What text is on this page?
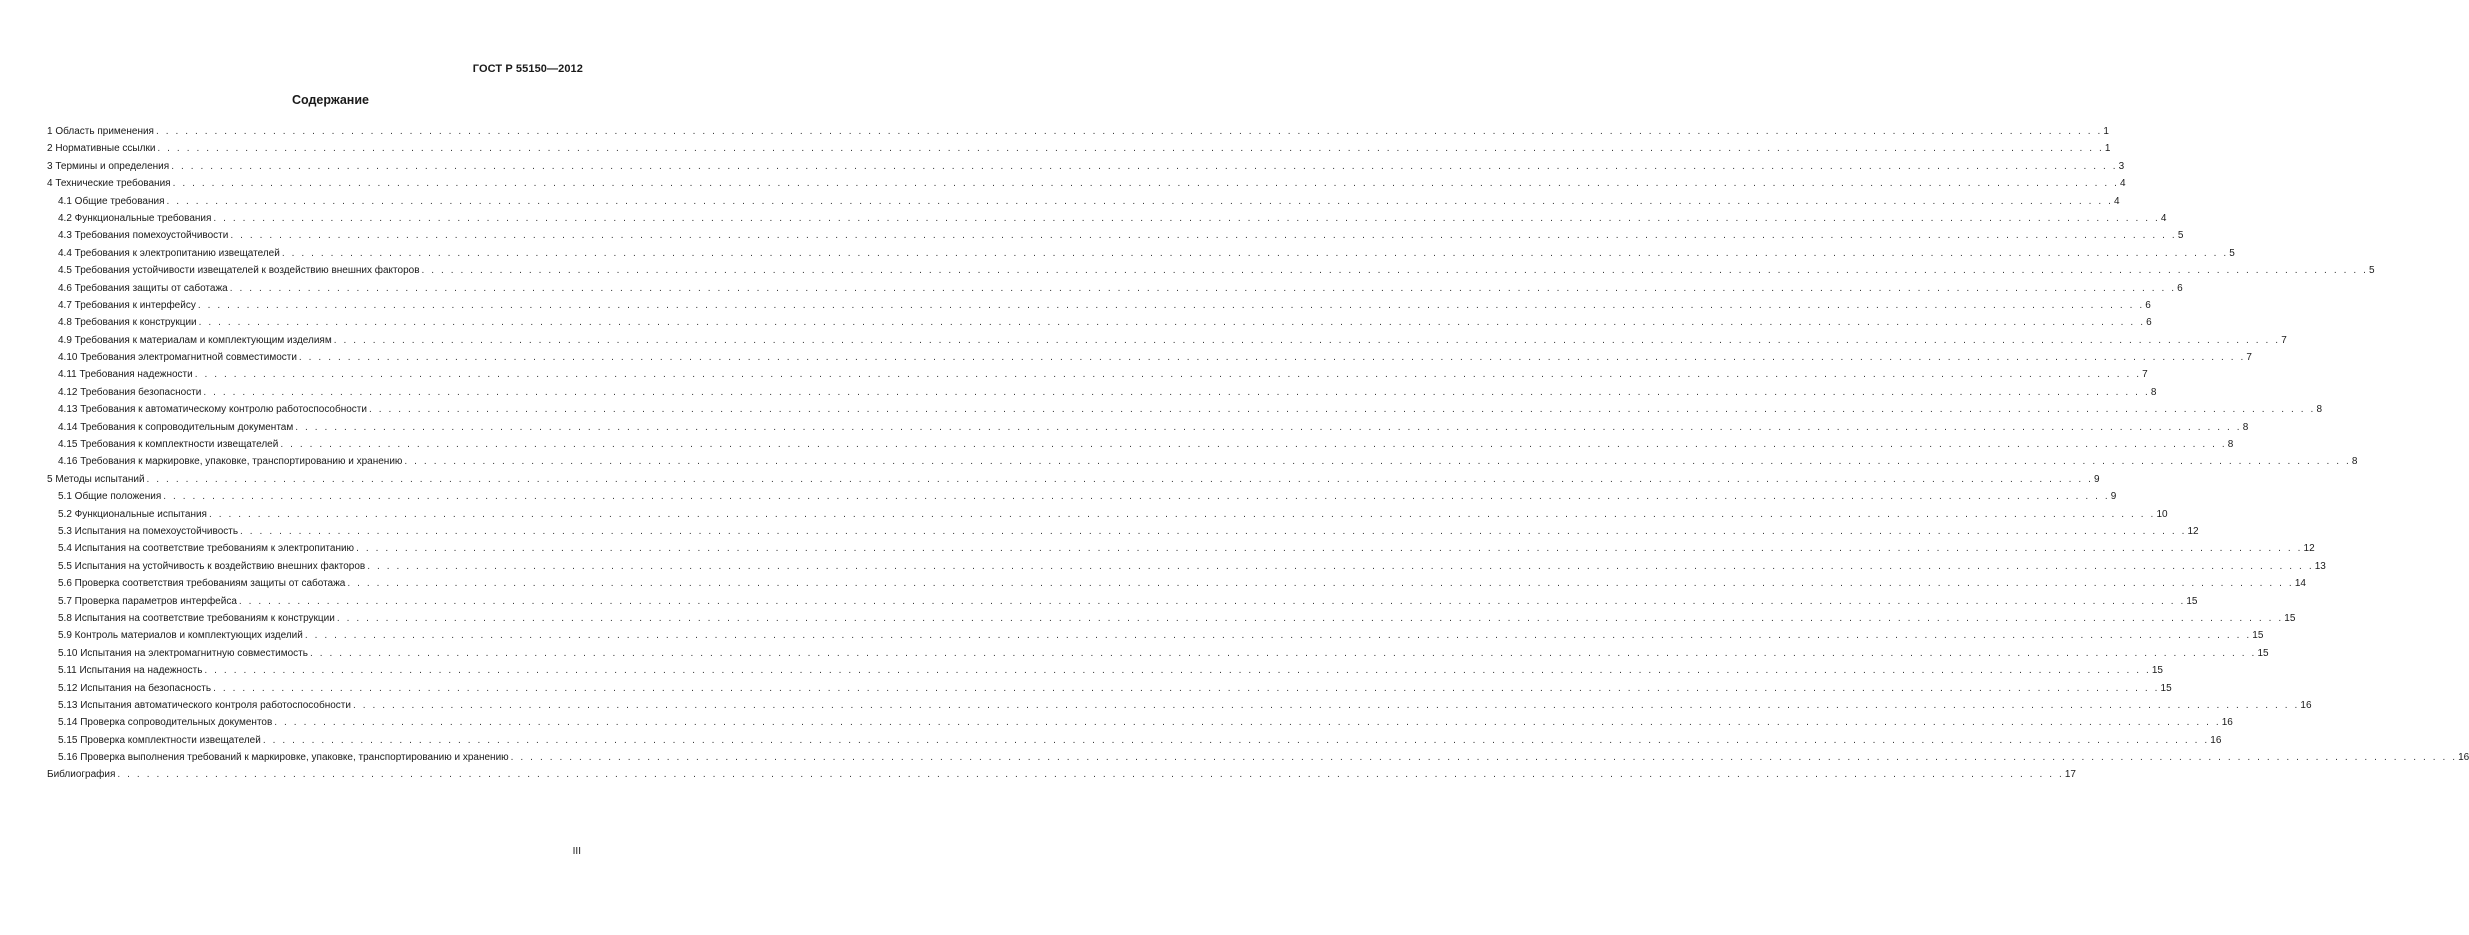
ГОСТ Р 55150—2012
Содержание
1 Область применения . . . . . . . . . . . . . . . . . . . . . . . . . . . . . . . . . . . . . . . . . . . . . . . . . . . . . . . . . . . . . . . . . . . . . . . . . . . . . . . . . . . . . . . . . . . . . . . . . . . . . . . . . . . . . . . . . . . . . . . . . . . . . . . . . . . . . . . . . . . . . . . . . . . . . . . . . . . . . . . . . . . . . . . . . . . . . . . . . . . . . . . . . . . . . . . . . . . . . . . . 1
2 Нормативные ссылки . . . . . . . . . . . . . . . . . . . . . . . . . . . . . . . . . . . . . . . . . . . . . . . . . . . . . . . . . . . . . . . . . . . . . . . . . . . . . . . . . . . . . . . . . . . . . . . . . . . . . . . . . . . . . . . . . . . . . . . . . . . . . . . . . . . . . . . . . . . . . . . . . . . . . . . . . . . . . . . . . . . . . . . . . . . . . . . . . . . . . . . . . . . . . . . . . . . . . . . . 1
3 Термины и определения . . . . . . . . . . . . . . . . . . . . . . . . . . . . . . . . . . . . . . . . . . . . . . . . . . . . . . . . . . . . . . . . . . . . . . . . . . . . . . . . . . . . . . . . . . . . . . . . . . . . . . . . . . . . . . . . . . . . . . . . . . . . . . . . . . . . . . . . . . . . . . . . . . . . . . . . . . . . . . . . . . . . . . . . . . . . . . . . . . . . . . . . . . . . . . . . . . . . . . . . 3
4 Технические требования . . . . . . . . . . . . . . . . . . . . . . . . . . . . . . . . . . . . . . . . . . . . . . . . . . . . . . . . . . . . . . . . . . . . . . . . . . . . . . . . . . . . . . . . . . . . . . . . . . . . . . . . . . . . . . . . . . . . . . . . . . . . . . . . . . . . . . . . . . . . . . . . . . . . . . . . . . . . . . . . . . . . . . . . . . . . . . . . . . . . . . . . . . . . . . . . . . . . . . . . 4
4.1 Общие требования . . . . . . . . . . . . . . . . . . . . . . . . . . . . . . . . . . . . . . . . . . . . . . . . . . . . . . . . . . . . . . . . . . . . . . . . . . . . . . . . . . . . . . . . . . . . . . . . . . . . . . . . . . . . . . . . . . . . . . . . . . . . . . . . . . . . . . . . . . . . . . . . . . . . . . . . . . . . . . . . . . . . . . . . . . . . . . . . . . . . . . . . . . . . . . . . . . . . . . . . 4
4.2 Функциональные требования . . . . . . . . . . . . . . . . . . . . . . . . . . . . . . . . . . . . . . . . . . . . . . . . . . . . . . . . . . . . . . . . . . . . . . . . . . . . . . . . . . . . . . . . . . . . . . . . . . . . . . . . . . . . . . . . . . . . . . . . . . . . . . . . . . . . . . . . . . . . . . . . . . . . . . . . . . . . . . . . . . . . . . . . . . . . . . . . . . . . . . . . . . . . . . . . . . . . . . . . 4
4.3 Требования помехоустойчивости . . . . . . . . . . . . . . . . . . . . . . . . . . . . . . . . . . . . . . . . . . . . . . . . . . . . . . . . . . . . . . . . . . . . . . . . . . . . . . . . . . . . . . . . . . . . . . . . . . . . . . . . . . . . . . . . . . . . . . . . . . . . . . . . . . . . . . . . . . . . . . . . . . . . . . . . . . . . . . . . . . . . . . . . . . . . . . . . . . . . . . . . . . . . . . . . . . . . . . . . 5
4.4 Требования к электропитанию извещателей . . . . . . . . . . . . . . . . . . . . . . . . . . . . . . . . . . . . . . . . . . . . . . . . . . . . . . . . . . . . . . . . . . . . . . . . . . . . . . . . . . . . . . . . . . . . . . . . . . . . . . . . . . . . . . . . . . . . . . . . . . . . . . . . . . . . . . . . . . . . . . . . . . . . . . . . . . . . . . . . . . . . . . . . . . . . . . . . . . . . . . . . . . . . . . . . . . . . . . . . 5
4.5 Требования устойчивости извещателей к воздействию внешних факторов . . . . . . . . . . . . . . . . . . . . . . . . . . . . . . . . . . . . . . . . . . . . . . . . . . . . . . . . . . . . . . . . . . . . . . . . . . . . . . . . . . . . . . . . . . . . . . . . . . . . . . . . . . . . . . . . . . . . . . . . . . . . . . . . . . . . . . . . . . . . . . . . . . . . . . . . . . . . . . . . . . . . . . . . . . . . . . . . . . . . . . . . . . . . . . . . . . . . . . . . 5
4.6 Требования защиты от саботажа . . . . . . . . . . . . . . . . . . . . . . . . . . . . . . . . . . . . . . . . . . . . . . . . . . . . . . . . . . . . . . . . . . . . . . . . . . . . . . . . . . . . . . . . . . . . . . . . . . . . . . . . . . . . . . . . . . . . . . . . . . . . . . . . . . . . . . . . . . . . . . . . . . . . . . . . . . . . . . . . . . . . . . . . . . . . . . . . . . . . . . . . . . . . . . . . . . . . . . . . 6
4.7 Требования к интерфейсу . . . . . . . . . . . . . . . . . . . . . . . . . . . . . . . . . . . . . . . . . . . . . . . . . . . . . . . . . . . . . . . . . . . . . . . . . . . . . . . . . . . . . . . . . . . . . . . . . . . . . . . . . . . . . . . . . . . . . . . . . . . . . . . . . . . . . . . . . . . . . . . . . . . . . . . . . . . . . . . . . . . . . . . . . . . . . . . . . . . . . . . . . . . . . . . . . . . . . . . . 6
4.8 Требования к конструкции . . . . . . . . . . . . . . . . . . . . . . . . . . . . . . . . . . . . . . . . . . . . . . . . . . . . . . . . . . . . . . . . . . . . . . . . . . . . . . . . . . . . . . . . . . . . . . . . . . . . . . . . . . . . . . . . . . . . . . . . . . . . . . . . . . . . . . . . . . . . . . . . . . . . . . . . . . . . . . . . . . . . . . . . . . . . . . . . . . . . . . . . . . . . . . . . . . . . . . . . 6
4.9 Требования к материалам и комплектующим изделиям . . . . . . . . . . . . . . . . . . . . . . . . . . . . . . . . . . . . . . . . . . . . . . . . . . . . . . . . . . . . . . . . . . . . . . . . . . . . . . . . . . . . . . . . . . . . . . . . . . . . . . . . . . . . . . . . . . . . . . . . . . . . . . . . . . . . . . . . . . . . . . . . . . . . . . . . . . . . . . . . . . . . . . . . . . . . . . . . . . . . . . . . . . . . . . . . . . . . . . . . 7
4.10 Требования электромагнитной совместимости . . . . . . . . . . . . . . . . . . . . . . . . . . . . . . . . . . . . . . . . . . . . . . . . . . . . . . . . . . . . . . . . . . . . . . . . . . . . . . . . . . . . . . . . . . . . . . . . . . . . . . . . . . . . . . . . . . . . . . . . . . . . . . . . . . . . . . . . . . . . . . . . . . . . . . . . . . . . . . . . . . . . . . . . . . . . . . . . . . . . . . . . . . . . . . . . . . . . . . . . 7
4.11 Требования надежности . . . . . . . . . . . . . . . . . . . . . . . . . . . . . . . . . . . . . . . . . . . . . . . . . . . . . . . . . . . . . . . . . . . . . . . . . . . . . . . . . . . . . . . . . . . . . . . . . . . . . . . . . . . . . . . . . . . . . . . . . . . . . . . . . . . . . . . . . . . . . . . . . . . . . . . . . . . . . . . . . . . . . . . . . . . . . . . . . . . . . . . . . . . . . . . . . . . . . . . . 7
4.12 Требования безопасности . . . . . . . . . . . . . . . . . . . . . . . . . . . . . . . . . . . . . . . . . . . . . . . . . . . . . . . . . . . . . . . . . . . . . . . . . . . . . . . . . . . . . . . . . . . . . . . . . . . . . . . . . . . . . . . . . . . . . . . . . . . . . . . . . . . . . . . . . . . . . . . . . . . . . . . . . . . . . . . . . . . . . . . . . . . . . . . . . . . . . . . . . . . . . . . . . . . . . . . . 8
4.13 Требования к автоматическому контролю работоспособности . . . . . . . . . . . . . . . . . . . . . . . . . . . . . . . . . . . . . . . . . . . . . . . . . . . . . . . . . . . . . . . . . . . . . . . . . . . . . . . . . . . . . . . . . . . . . . . . . . . . . . . . . . . . . . . . . . . . . . . . . . . . . . . . . . . . . . . . . . . . . . . . . . . . . . . . . . . . . . . . . . . . . . . . . . . . . . . . . . . . . . . . . . . . . . . . . . . . . . . . 8
4.14 Требования к сопроводительным документам . . . . . . . . . . . . . . . . . . . . . . . . . . . . . . . . . . . . . . . . . . . . . . . . . . . . . . . . . . . . . . . . . . . . . . . . . . . . . . . . . . . . . . . . . . . . . . . . . . . . . . . . . . . . . . . . . . . . . . . . . . . . . . . . . . . . . . . . . . . . . . . . . . . . . . . . . . . . . . . . . . . . . . . . . . . . . . . . . . . . . . . . . . . . . . . . . . . . . . . . 8
4.15 Требования к комплектности извещателей . . . . . . . . . . . . . . . . . . . . . . . . . . . . . . . . . . . . . . . . . . . . . . . . . . . . . . . . . . . . . . . . . . . . . . . . . . . . . . . . . . . . . . . . . . . . . . . . . . . . . . . . . . . . . . . . . . . . . . . . . . . . . . . . . . . . . . . . . . . . . . . . . . . . . . . . . . . . . . . . . . . . . . . . . . . . . . . . . . . . . . . . . . . . . . . . . . . . . . . . 8
4.16 Требования к маркировке, упаковке, транспортированию и хранению . . . . . . . . . . . . . . . . . . . . . . . . . . . . . . . . . . . . . . . . . . . . . . . . . . . . . . . . . . . . . . . . . . . . . . . . . . . . . . . . . . . . . . . . . . . . . . . . . . . . . . . . . . . . . . . . . . . . . . . . . . . . . . . . . . . . . . . . . . . . . . . . . . . . . . . . . . . . . . . . . . . . . . . . . . . . . . . . . . . . . . . . . . . . . . . . . . . . . . . . 8
5 Методы испытаний . . . . . . . . . . . . . . . . . . . . . . . . . . . . . . . . . . . . . . . . . . . . . . . . . . . . . . . . . . . . . . . . . . . . . . . . . . . . . . . . . . . . . . . . . . . . . . . . . . . . . . . . . . . . . . . . . . . . . . . . . . . . . . . . . . . . . . . . . . . . . . . . . . . . . . . . . . . . . . . . . . . . . . . . . . . . . . . . . . . . . . . . . . . . . . . . . . . . . . . . 9
5.1 Общие положения . . . . . . . . . . . . . . . . . . . . . . . . . . . . . . . . . . . . . . . . . . . . . . . . . . . . . . . . . . . . . . . . . . . . . . . . . . . . . . . . . . . . . . . . . . . . . . . . . . . . . . . . . . . . . . . . . . . . . . . . . . . . . . . . . . . . . . . . . . . . . . . . . . . . . . . . . . . . . . . . . . . . . . . . . . . . . . . . . . . . . . . . . . . . . . . . . . . . . . . . 9
5.2 Функциональные испытания . . . . . . . . . . . . . . . . . . . . . . . . . . . . . . . . . . . . . . . . . . . . . . . . . . . . . . . . . . . . . . . . . . . . . . . . . . . . . . . . . . . . . . . . . . . . . . . . . . . . . . . . . . . . . . . . . . . . . . . . . . . . . . . . . . . . . . . . . . . . . . . . . . . . . . . . . . . . . . . . . . . . . . . . . . . . . . . . . . . . . . . . . . . . . . . . . . . . . . . . 10
5.3 Испытания на помехоустойчивость . . . . . . . . . . . . . . . . . . . . . . . . . . . . . . . . . . . . . . . . . . . . . . . . . . . . . . . . . . . . . . . . . . . . . . . . . . . . . . . . . . . . . . . . . . . . . . . . . . . . . . . . . . . . . . . . . . . . . . . . . . . . . . . . . . . . . . . . . . . . . . . . . . . . . . . . . . . . . . . . . . . . . . . . . . . . . . . . . . . . . . . . . . . . . . . . . . . . . . . . 12
5.4 Испытания на соответствие требованиям к электропитанию . . . . . . . . . . . . . . . . . . . . . . . . . . . . . . . . . . . . . . . . . . . . . . . . . . . . . . . . . . . . . . . . . . . . . . . . . . . . . . . . . . . . . . . . . . . . . . . . . . . . . . . . . . . . . . . . . . . . . . . . . . . . . . . . . . . . . . . . . . . . . . . . . . . . . . . . . . . . . . . . . . . . . . . . . . . . . . . . . . . . . . . . . . . . . . . . . . . . . . . . 12
5.5 Испытания на устойчивость к воздействию внешних факторов . . . . . . . . . . . . . . . . . . . . . . . . . . . . . . . . . . . . . . . . . . . . . . . . . . . . . . . . . . . . . . . . . . . . . . . . . . . . . . . . . . . . . . . . . . . . . . . . . . . . . . . . . . . . . . . . . . . . . . . . . . . . . . . . . . . . . . . . . . . . . . . . . . . . . . . . . . . . . . . . . . . . . . . . . . . . . . . . . . . . . . . . . . . . . . . . . . . . . . . . 13
5.6 Проверка соответствия требованиям защиты от саботажа . . . . . . . . . . . . . . . . . . . . . . . . . . . . . . . . . . . . . . . . . . . . . . . . . . . . . . . . . . . . . . . . . . . . . . . . . . . . . . . . . . . . . . . . . . . . . . . . . . . . . . . . . . . . . . . . . . . . . . . . . . . . . . . . . . . . . . . . . . . . . . . . . . . . . . . . . . . . . . . . . . . . . . . . . . . . . . . . . . . . . . . . . . . . . . . . . . . . . . . . 14
5.7 Проверка параметров интерфейса . . . . . . . . . . . . . . . . . . . . . . . . . . . . . . . . . . . . . . . . . . . . . . . . . . . . . . . . . . . . . . . . . . . . . . . . . . . . . . . . . . . . . . . . . . . . . . . . . . . . . . . . . . . . . . . . . . . . . . . . . . . . . . . . . . . . . . . . . . . . . . . . . . . . . . . . . . . . . . . . . . . . . . . . . . . . . . . . . . . . . . . . . . . . . . . . . . . . . . . . 15
5.8 Испытания на соответствие требованиям к конструкции . . . . . . . . . . . . . . . . . . . . . . . . . . . . . . . . . . . . . . . . . . . . . . . . . . . . . . . . . . . . . . . . . . . . . . . . . . . . . . . . . . . . . . . . . . . . . . . . . . . . . . . . . . . . . . . . . . . . . . . . . . . . . . . . . . . . . . . . . . . . . . . . . . . . . . . . . . . . . . . . . . . . . . . . . . . . . . . . . . . . . . . . . . . . . . . . . . . . . . . . 15
5.9 Контроль материалов и комплектующих изделий . . . . . . . . . . . . . . . . . . . . . . . . . . . . . . . . . . . . . . . . . . . . . . . . . . . . . . . . . . . . . . . . . . . . . . . . . . . . . . . . . . . . . . . . . . . . . . . . . . . . . . . . . . . . . . . . . . . . . . . . . . . . . . . . . . . . . . . . . . . . . . . . . . . . . . . . . . . . . . . . . . . . . . . . . . . . . . . . . . . . . . . . . . . . . . . . . . . . . . . . 15
5.10 Испытания на электромагнитную совместимость . . . . . . . . . . . . . . . . . . . . . . . . . . . . . . . . . . . . . . . . . . . . . . . . . . . . . . . . . . . . . . . . . . . . . . . . . . . . . . . . . . . . . . . . . . . . . . . . . . . . . . . . . . . . . . . . . . . . . . . . . . . . . . . . . . . . . . . . . . . . . . . . . . . . . . . . . . . . . . . . . . . . . . . . . . . . . . . . . . . . . . . . . . . . . . . . . . . . . . . . 15
5.11 Испытания на надежность . . . . . . . . . . . . . . . . . . . . . . . . . . . . . . . . . . . . . . . . . . . . . . . . . . . . . . . . . . . . . . . . . . . . . . . . . . . . . . . . . . . . . . . . . . . . . . . . . . . . . . . . . . . . . . . . . . . . . . . . . . . . . . . . . . . . . . . . . . . . . . . . . . . . . . . . . . . . . . . . . . . . . . . . . . . . . . . . . . . . . . . . . . . . . . . . . . . . . . . . 15
5.12 Испытания на безопасность . . . . . . . . . . . . . . . . . . . . . . . . . . . . . . . . . . . . . . . . . . . . . . . . . . . . . . . . . . . . . . . . . . . . . . . . . . . . . . . . . . . . . . . . . . . . . . . . . . . . . . . . . . . . . . . . . . . . . . . . . . . . . . . . . . . . . . . . . . . . . . . . . . . . . . . . . . . . . . . . . . . . . . . . . . . . . . . . . . . . . . . . . . . . . . . . . . . . . . . . 15
5.13 Испытания автоматического контроля работоспособности . . . . . . . . . . . . . . . . . . . . . . . . . . . . . . . . . . . . . . . . . . . . . . . . . . . . . . . . . . . . . . . . . . . . . . . . . . . . . . . . . . . . . . . . . . . . . . . . . . . . . . . . . . . . . . . . . . . . . . . . . . . . . . . . . . . . . . . . . . . . . . . . . . . . . . . . . . . . . . . . . . . . . . . . . . . . . . . . . . . . . . . . . . . . . . . . . . . . . . . . 16
5.14 Проверка сопроводительных документов . . . . . . . . . . . . . . . . . . . . . . . . . . . . . . . . . . . . . . . . . . . . . . . . . . . . . . . . . . . . . . . . . . . . . . . . . . . . . . . . . . . . . . . . . . . . . . . . . . . . . . . . . . . . . . . . . . . . . . . . . . . . . . . . . . . . . . . . . . . . . . . . . . . . . . . . . . . . . . . . . . . . . . . . . . . . . . . . . . . . . . . . . . . . . . . . . . . . . . . . 16
5.15 Проверка комплектности извещателей . . . . . . . . . . . . . . . . . . . . . . . . . . . . . . . . . . . . . . . . . . . . . . . . . . . . . . . . . . . . . . . . . . . . . . . . . . . . . . . . . . . . . . . . . . . . . . . . . . . . . . . . . . . . . . . . . . . . . . . . . . . . . . . . . . . . . . . . . . . . . . . . . . . . . . . . . . . . . . . . . . . . . . . . . . . . . . . . . . . . . . . . . . . . . . . . . . . . . . . . 16
5.16 Проверка выполнения требований к маркировке, упаковке, транспортированию и хранению . . . . . . . . . . . . . . . . . . . . . . . . . . . . . . . . . . . . . . . . . . . . . . . . . . . . . . . . . . . . . . . . . . . . . . . . . . . . . . . . . . . . . . . . . . . . . . . . . . . . . . . . . . . . . . . . . . . . . . . . . . . . . . . . . . . . . . . . . . . . . . . . . . . . . . . . . . . . . . . . . . . . . . . . . . . . . . . . . . . . . . . . . . . . . . . . . . . . . . . . 16
Библиография . . . . . . . . . . . . . . . . . . . . . . . . . . . . . . . . . . . . . . . . . . . . . . . . . . . . . . . . . . . . . . . . . . . . . . . . . . . . . . . . . . . . . . . . . . . . . . . . . . . . . . . . . . . . . . . . . . . . . . . . . . . . . . . . . . . . . . . . . . . . . . . . . . . . . . . . . . . . . . . . . . . . . . . . . . . . . . . . . . . . . . . . . . . . . . . . . . . . . . . . 17
III
